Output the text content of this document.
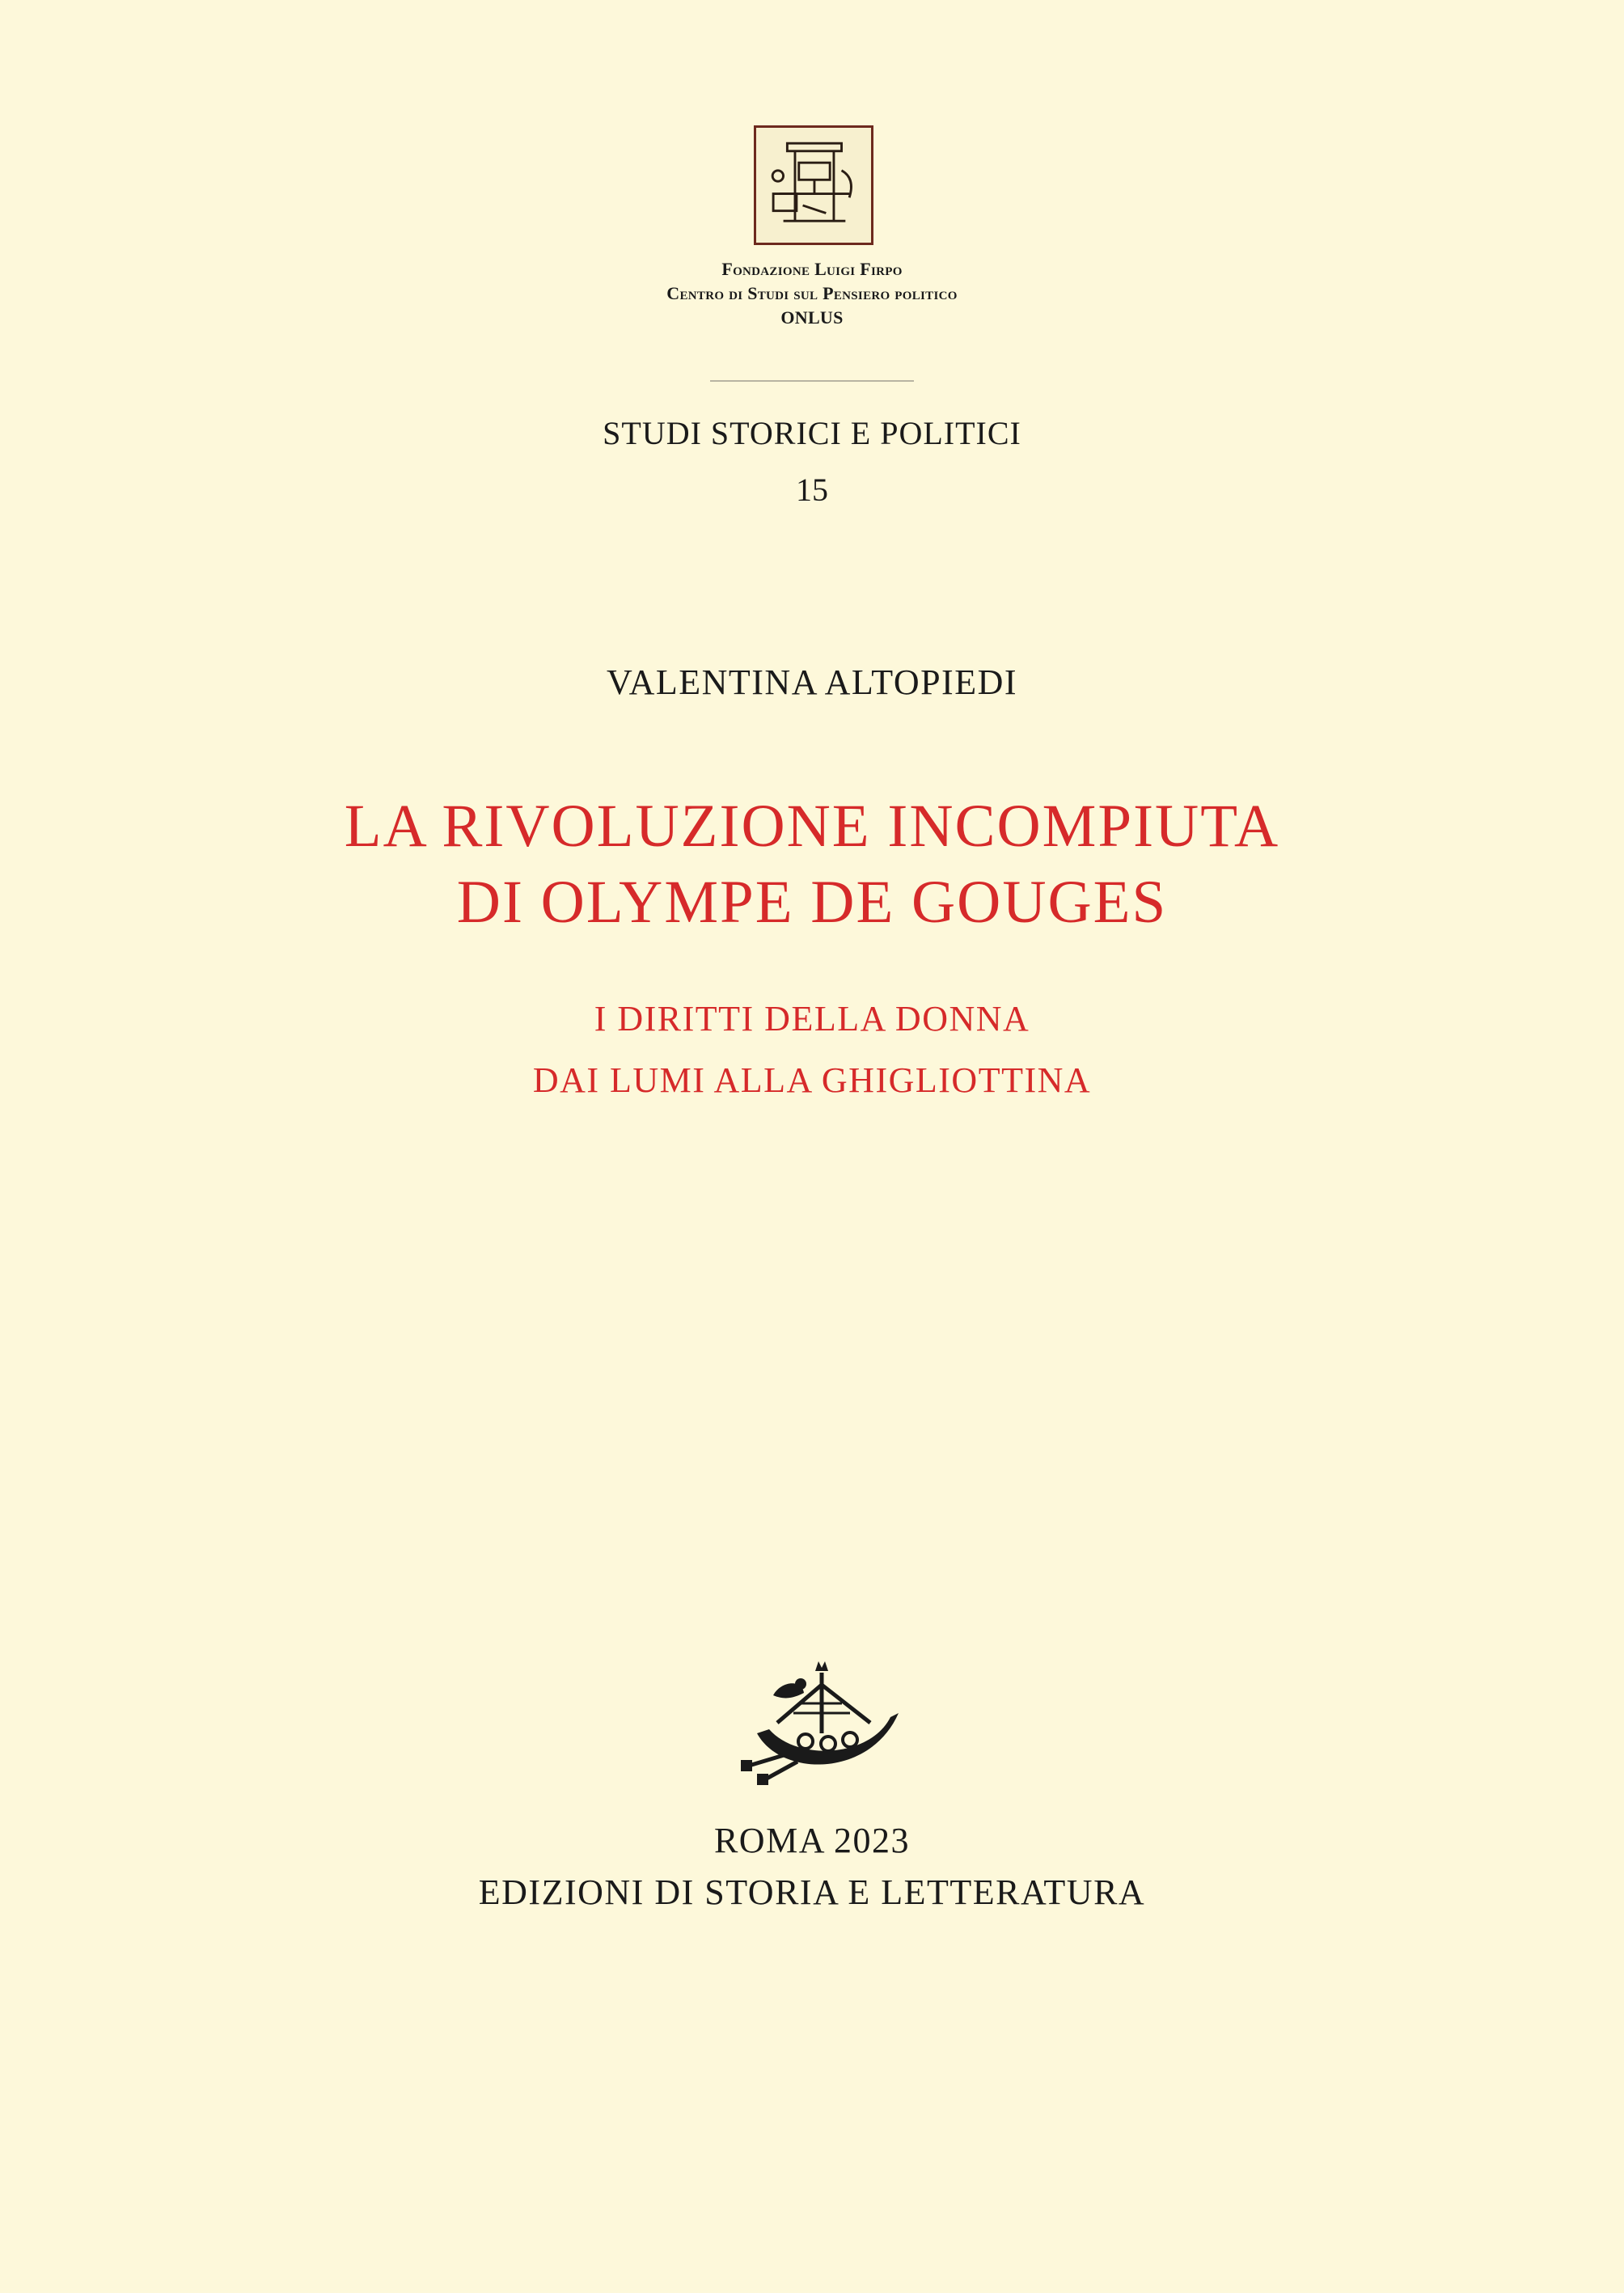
Fondazione Luigi Firpo
Centro di Studi sul Pensiero politico
ONLUS
STUDI STORICI E POLITICI
15
VALENTINA ALTOPIEDI
LA RIVOLUZIONE INCOMPIUTA
DI OLYMPE DE GOUGES
I DIRITTI DELLA DONNA
DAI LUMI ALLA GHIGLIOTTINA
ROMA 2023
EDIZIONI DI STORIA E LETTERATURA
